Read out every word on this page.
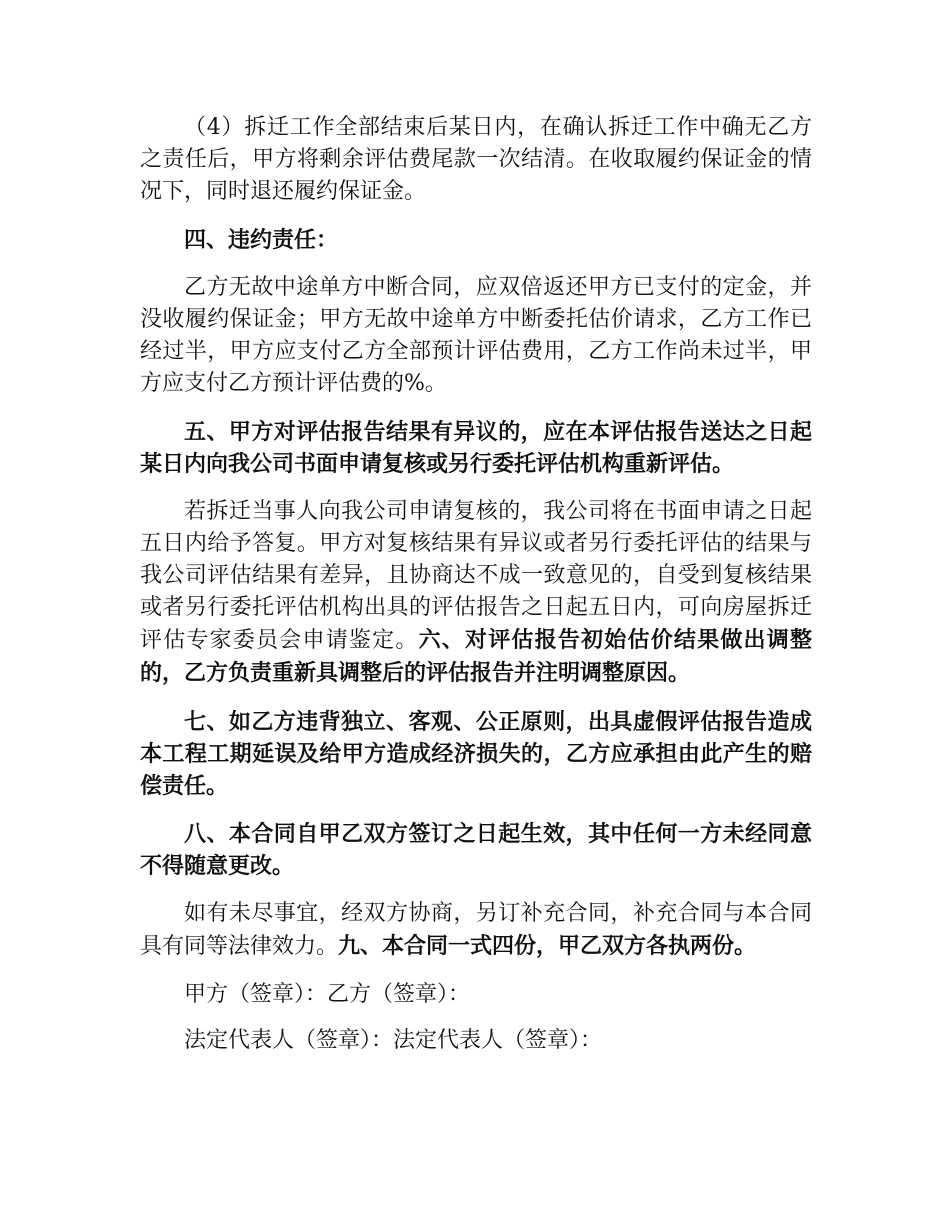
（4）拆迁工作全部结束后某日内，在确认拆迁工作中确无乙方之责任后，甲方将剩余评估费尾款一次结清。在收取履约保证金的情况下，同时退还履约保证金。

四、违约责任：

乙方无故中途单方中断合同，应双倍返还甲方已支付的定金，并没收履约保证金；甲方无故中途单方中断委托估价请求，乙方工作已经过半，甲方应支付乙方全部预计评估费用，乙方工作尚未过半，甲方应支付乙方预计评估费的%。

五、甲方对评估报告结果有异议的，应在本评估报告送达之日起某日内向我公司书面申请复核或另行委托评估机构重新评估。

若拆迁当事人向我公司申请复核的，我公司将在书面申请之日起五日内给予答复。甲方对复核结果有异议或者另行委托评估的结果与我公司评估结果有差异，且协商达不成一致意见的，自受到复核结果或者另行委托评估机构出具的评估报告之日起五日内，可向房屋拆迁评估专家委员会申请鉴定。六、对评估报告初始估价结果做出调整的，乙方负责重新具调整后的评估报告并注明调整原因。

七、如乙方违背独立、客观、公正原则，出具虚假评估报告造成本工程工期延误及给甲方造成经济损失的，乙方应承担由此产生的赔偿责任。

八、本合同自甲乙双方签订之日起生效，其中任何一方未经同意不得随意更改。

如有未尽事宜，经双方协商，另订补充合同，补充合同与本合同具有同等法律效力。九、本合同一式四份，甲乙双方各执两份。

甲方（签章）：乙方（签章）：

法定代表人（签章）：法定代表人（签章）：
